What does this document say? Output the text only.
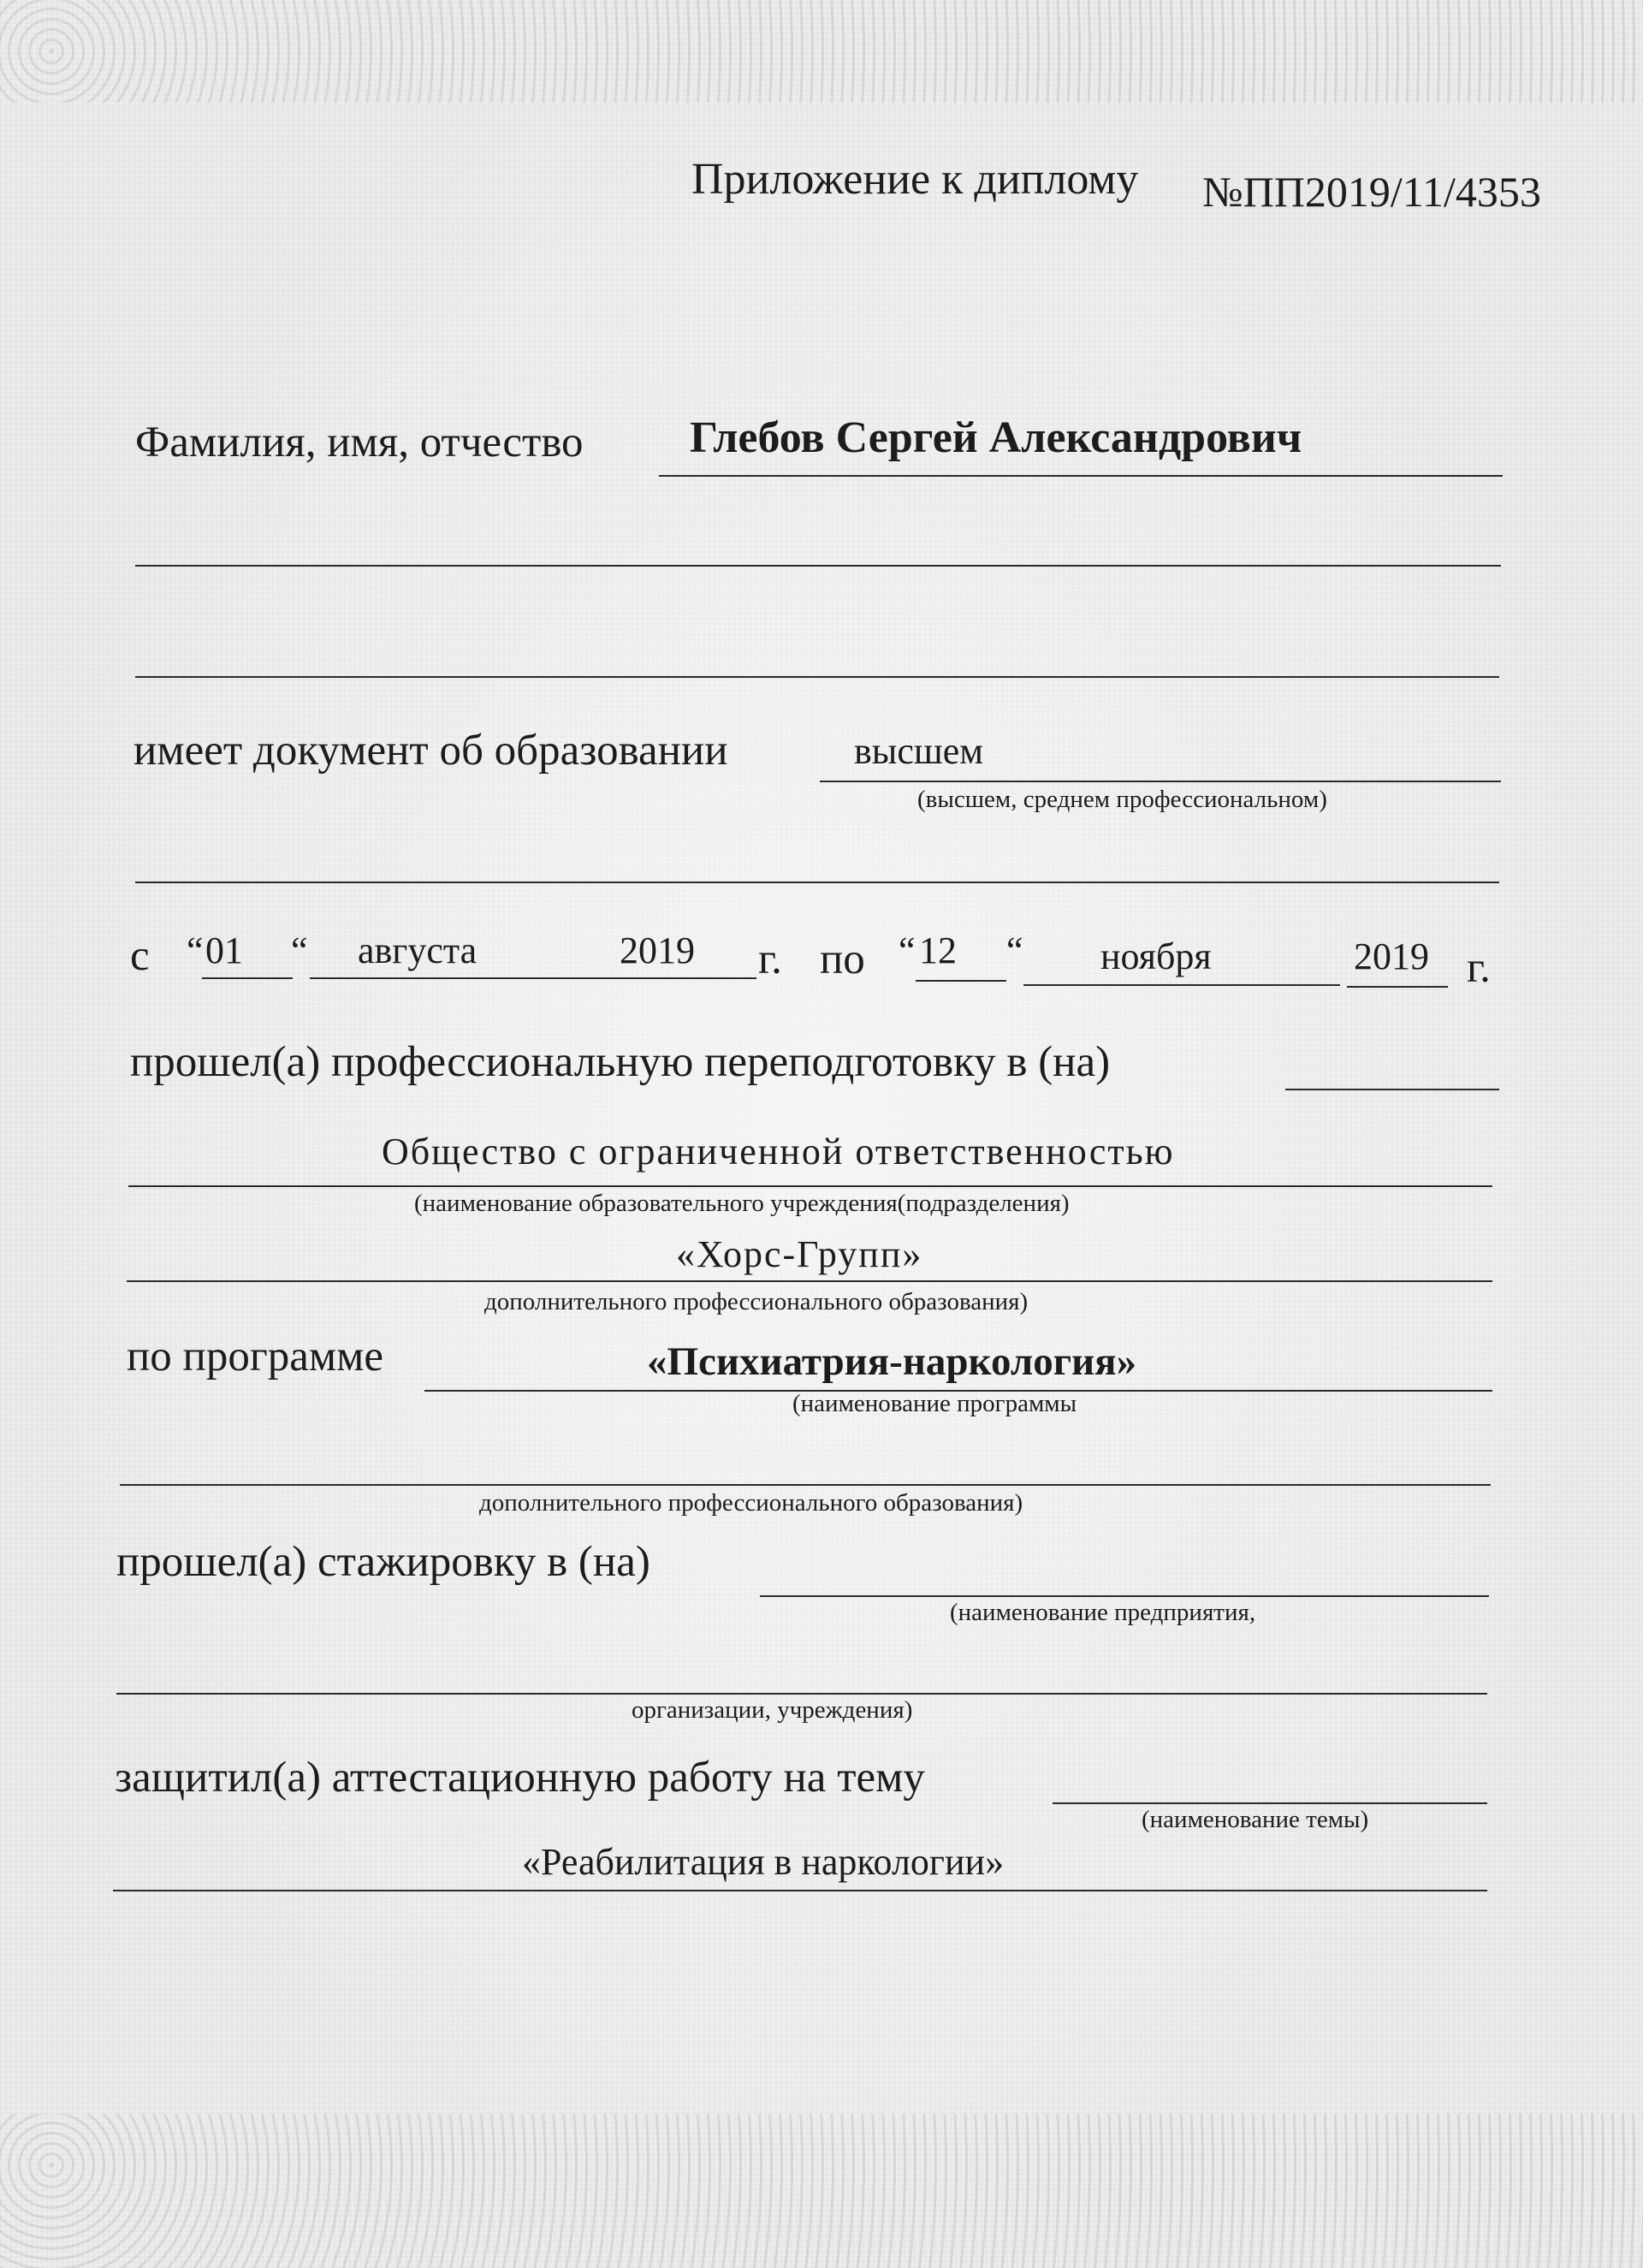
Приложение к диплому №ПП2019/11/4353
Фамилия, имя, отчество Глебов Сергей Александрович
имеет документ об образовании	высшем
(высшем, среднем профессиональном)
с “ 01 “ августа	2019 г. по “ 12 “ ноября	2019 г.
прошел(а) профессиональную переподготовку в (на)
Общество с ограниченной ответственностью
(наименование образовательного учреждения(подразделения)
«Хорс-Групп»
дополнительного профессионального образования)
по программе	«Психиатрия-наркология»
(наименование программы
дополнительного профессионального образования)
прошел(а) стажировку в (на)
(наименование предприятия,
организации, учреждения)
защитил(а) аттестационную работу на тему
(наименование темы)
«Реабилитация в наркологии»
